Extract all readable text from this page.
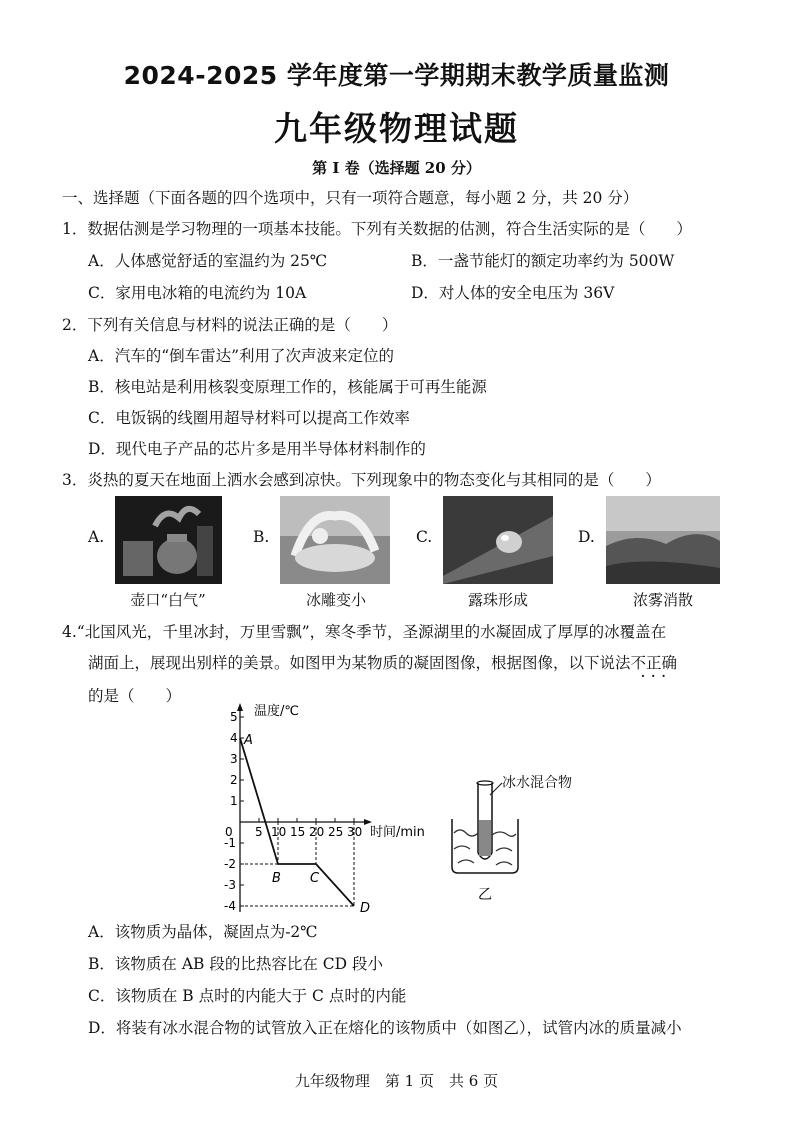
2024-2025 学年度第一学期期末教学质量监测
九年级物理试题
第 I 卷（选择题 20 分）
一、选择题（下面各题的四个选项中，只有一项符合题意，每小题 2 分，共 20 分）
1．数据估测是学习物理的一项基本技能。下列有关数据的估测，符合生活实际的是（　　）
A．人体感觉舒适的室温约为 25℃	B．一盏节能灯的额定功率约为 500W
C．家用电冰箱的电流约为 10A	D．对人体的安全电压为 36V
2．下列有关信息与材料的说法正确的是（　　）
A．汽车的“倒车雷达”利用了次声波来定位的
B．核电站是利用核裂变原理工作的，核能属于可再生能源
C．电饭锅的线圈用超导材料可以提高工作效率
D．现代电子产品的芯片多是用半导体材料制作的
3．炎热的夏天在地面上洒水会感到凉快。下列现象中的物态变化与其相同的是（　　）
A.	B.	C.	D.
壶口“白气”	冰雕变小	露珠形成	浓雾消散
4.“北国风光，千里冰封，万里雪飘”，寒冬季节，圣源湖里的水凝固成了厚厚的冰覆盖在
湖面上，展现出别样的美景。如图甲为某物质的凝固图像，根据图像，以下说法不正确 · · ·
的是（　　）
温度/℃
时间/min
0
5
4
3
2
1
-1
-2
-3
-4
5 10 15 20 25 30
A
B C
D
乙
冰水混合物
A．该物质为晶体，凝固点为-2℃
B．该物质在 AB 段的比热容比在 CD 段小
C．该物质在 B 点时的内能大于 C 点时的内能
D．将装有冰水混合物的试管放入正在熔化的该物质中（如图乙），试管内冰的质量减小
九年级物理　第 1 页　共 6 页
